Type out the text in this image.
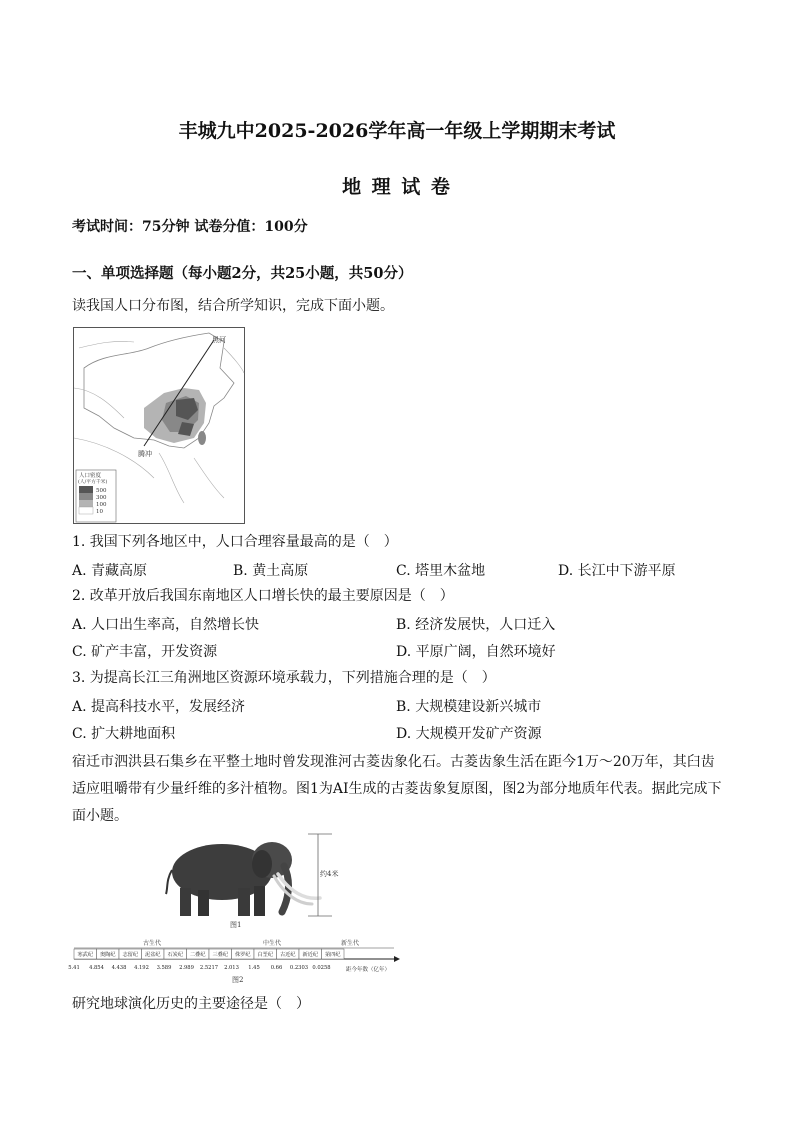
丰城九中2025-2026学年高一年级上学期期末考试
地 理 试 卷
考试时间：75分钟 试卷分值：100分
一、单项选择题（每小题2分，共25小题，共50分）
读我国人口分布图，结合所学知识，完成下面小题。
黑河
腾冲
人口密度
(人/平方千米)
500
300
100
10
1. 我国下列各地区中，人口合理容量最高的是（　）
A. 青藏高原	B. 黄土高原	C. 塔里木盆地	D. 长江中下游平原
2. 改革开放后我国东南地区人口增长快的最主要原因是（　）
A. 人口出生率高，自然增长快	B. 经济发展快，人口迁入
C. 矿产丰富，开发资源	D. 平原广阔，自然环境好
3. 为提高长江三角洲地区资源环境承载力，下列措施合理的是（　）
A. 提高科技水平，发展经济	B. 大规模建设新兴城市
C. 扩大耕地面积	D. 大规模开发矿产资源
宿迁市泗洪县石集乡在平整土地时曾发现淮河古菱齿象化石。古菱齿象生活在距今1万～20万年，其臼齿适应咀嚼带有少量纤维的多汁植物。图1为AI生成的古菱齿象复原图，图2为部分地质年代表。据此完成下面小题。
约4米
图1
古生代	中生代	新生代
寒武纪 奥陶纪 志留纪 泥盆纪 石炭纪 二叠纪 三叠纪 侏罗纪 白垩纪 古近纪 新近纪 第四纪
5.41 4.854 4.438 4.192 3.589 2.989 2.5217 2.013 1.45 0.66 0.2303 0.0258	距今年数（亿年）
图2
研究地球演化历史的主要途径是（　）
